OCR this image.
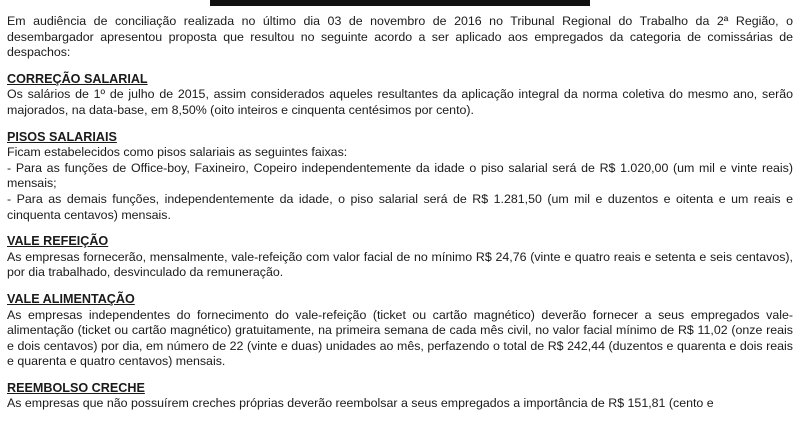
Em audiência de conciliação realizada no último dia 03 de novembro de 2016 no Tribunal Regional do Trabalho da 2ª Região, o desembargador apresentou proposta que resultou no seguinte acordo a ser aplicado aos empregados da categoria de comissárias de despachos:

CORREÇÃO SALARIAL

Os salários de 1º de julho de 2015, assim considerados aqueles resultantes da aplicação integral da norma coletiva do mesmo ano, serão majorados, na data-base, em 8,50% (oito inteiros e cinquenta centésimos por cento).

PISOS SALARIAIS

Ficam estabelecidos como pisos salariais as seguintes faixas:

- Para as funções de Office-boy, Faxineiro, Copeiro independentemente da idade o piso salarial será de R$ 1.020,00 (um mil e vinte reais) mensais;

- Para as demais funções, independentemente da idade, o piso salarial será de R$ 1.281,50 (um mil e duzentos e oitenta e um reais e cinquenta centavos) mensais.

VALE REFEIÇÃO

As empresas fornecerão, mensalmente, vale-refeição com valor facial de no mínimo R$ 24,76 (vinte e quatro reais e setenta e seis centavos), por dia trabalhado, desvinculado da remuneração.

VALE ALIMENTAÇÃO

As empresas independentes do fornecimento do vale-refeição (ticket ou cartão magnético) deverão fornecer a seus empregados vale-alimentação (ticket ou cartão magnético) gratuitamente, na primeira semana de cada mês civil, no valor facial mínimo de R$ 11,02 (onze reais e dois centavos) por dia, em número de 22 (vinte e duas) unidades ao mês, perfazendo o total de R$ 242,44 (duzentos e quarenta e dois reais e quarenta e quatro centavos) mensais.

REEMBOLSO CRECHE

As empresas que não possuírem creches próprias deverão reembolsar a seus empregados a importância de R$ 151,81 (cento e
